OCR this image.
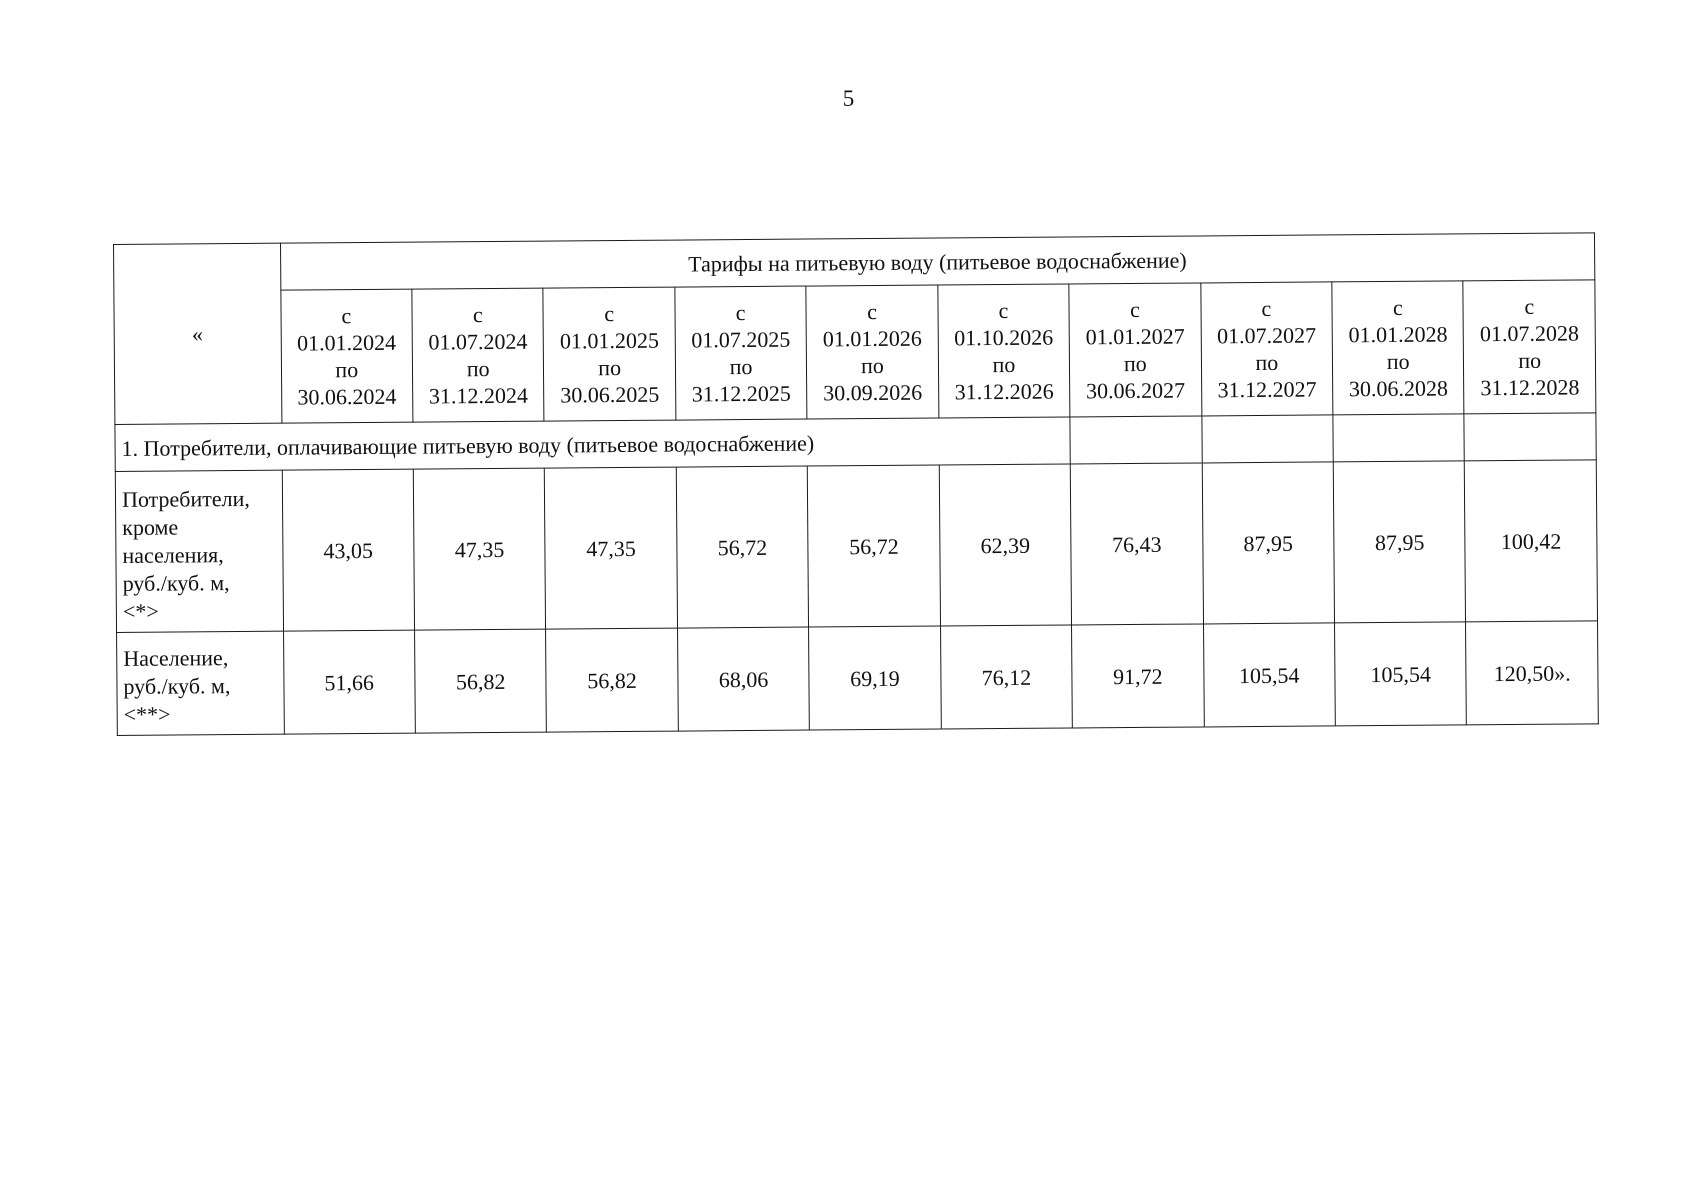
5
«	Тарифы на питьевую воду (питьевое водоснабжение)									

	с
01.01.2024
по
30.06.2024	с
01.07.2024
по
31.12.2024	с
01.01.2025
по
30.06.2025	с
01.07.2025
по
31.12.2025	с
01.01.2026
по
30.09.2026	с
01.10.2026
по
31.12.2026	с
01.01.2027
по
30.06.2027	с
01.07.2027
по
31.12.2027	с
01.01.2028
по
30.06.2028	с
01.07.2028
по
31.12.2028

1. Потребители, оплачивающие питьевую воду (питьевое водоснабжение)										

Потребители,
кроме
населения,
руб./куб. м,
<*>	43,05	47,35	47,35	56,72	56,72	62,39	76,43	87,95	87,95	100,42

Население,
руб./куб. м,
<**>	51,66	56,82	56,82	68,06	69,19	76,12	91,72	105,54	105,54	120,50».
